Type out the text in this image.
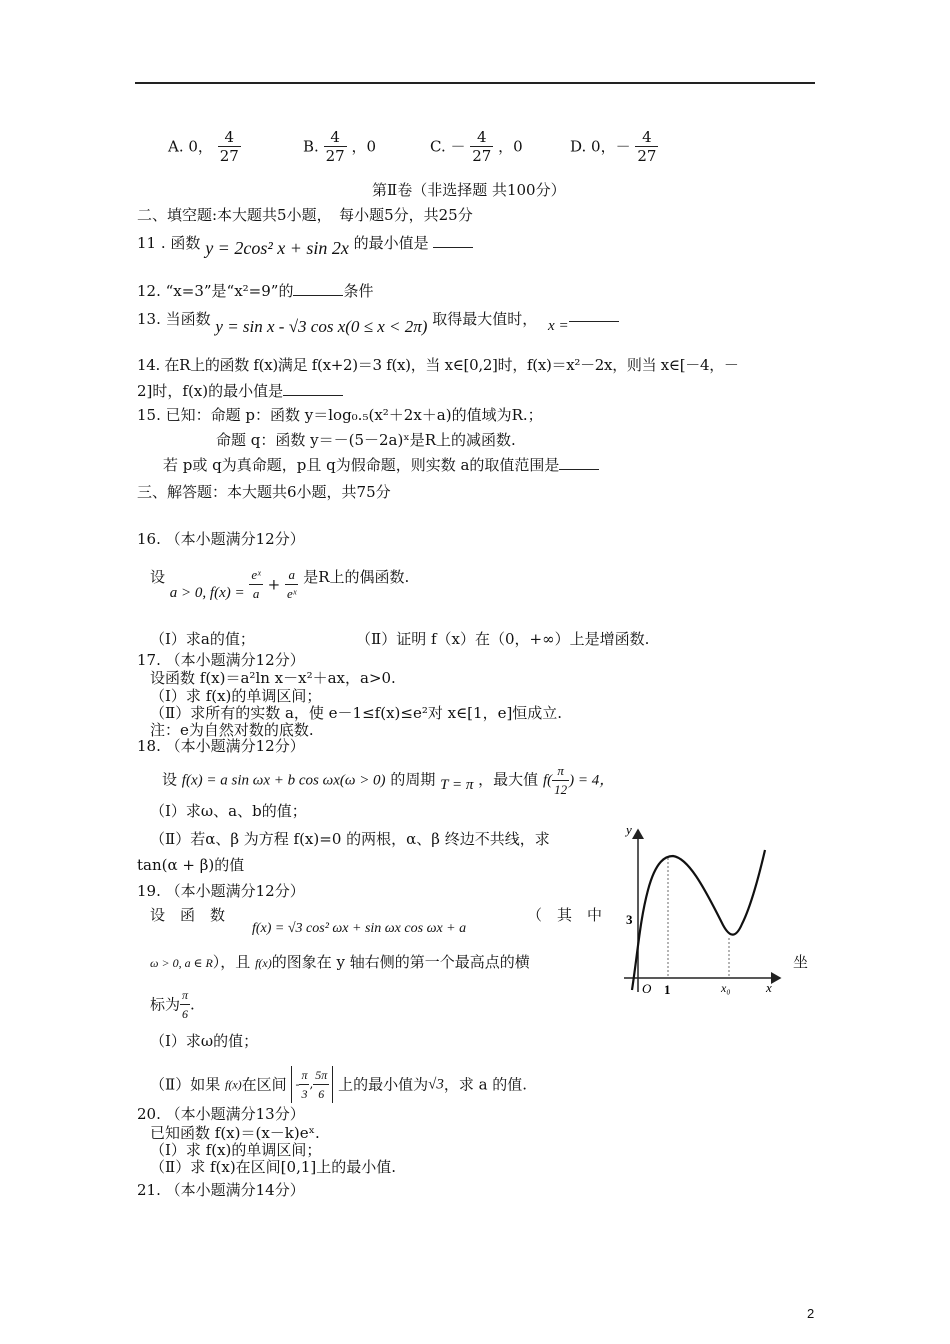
A. 0， $\frac{4}{27}$	B. $\frac{4}{27}$ ，0	C. － $\frac{4}{27}$ ，0	D. 0，－ $\frac{4}{27}$
第Ⅱ卷（非选择题 共100分）
二、填空题:本大题共5小题，　每小题5分，共25分
11 . 函数 y = 2cos² x + sin 2x 的最小值是
12. “x=3”是“x²=9”的	条件
13. 当函数 y = sin x - √3 cos x(0 ≤ x < 2π) 取得最大值时， x =
14. 在R上的函数 f(x)满足 f(x+2)＝3 f(x)，当 x∈[0,2]时，f(x)＝x²－2x，则当 x∈[－4，－
2]时，f(x)的最小值是
15. 已知：命题 p：函数 y＝log₀.₅(x²＋2x＋a)的值域为R.；
命题 q：函数 y＝－(5－2a)ˣ是R上的减函数.
若 p或 q为真命题，p且 q为假命题，则实数 a的取值范围是
三、解答题：本大题共6小题，共75分
16. （本小题满分12分）
设 a > 0, $f(x) = \frac{\text{eˣ}}{a} + \frac{a}{\text{eˣ}}$ 是R上的偶函数.
（Ⅰ）求a的值；	（Ⅱ）证明 f（x）在（0，+∞）上是增函数.
17. （本小题满分12分）
设函数 f(x)＝a²ln x－x²＋ax，a>0.
（Ⅰ）求 f(x)的单调区间；
（Ⅱ）求所有的实数 a，使 e－1≤f(x)≤e²对 x∈[1，e]恒成立.
注：e为自然对数的底数.
18. （本小题满分12分）
设 f(x) = a sin ωx + b cos ωx(ω > 0) 的周期 T = π ，最大值 $f( \frac{\pi}{12}$ ) = 4，
（Ⅰ）求ω、a、b的值；
（Ⅱ）若α、β 为方程 f(x)=0 的两根，α、β 终边不共线，求
tan(α + β)的值
19. （本小题满分12分）
设　函　数
f(x) = √3 cos² ωx + sin ωx cos ωx + a
（　其　中
ω > 0, a ∈ R），且 f(x)的图象在 y 轴右侧的第一个最高点的横	坐
标为 $\frac{\pi}{6}$ .
（Ⅰ）求ω的值；
（Ⅱ）如果 f(x)在区间 - $\frac{\pi}{3}$ , $\frac{5\pi}{6}$ 上的最小值为√3，求 a 的值.
y
3
O 1	x₀	x
20. （本小题满分13分）
已知函数 f(x)＝(x－k)eˣ.
（Ⅰ）求 f(x)的单调区间；
（Ⅱ）求 f(x)在区间[0,1]上的最小值.
21. （本小题满分14分）
2
